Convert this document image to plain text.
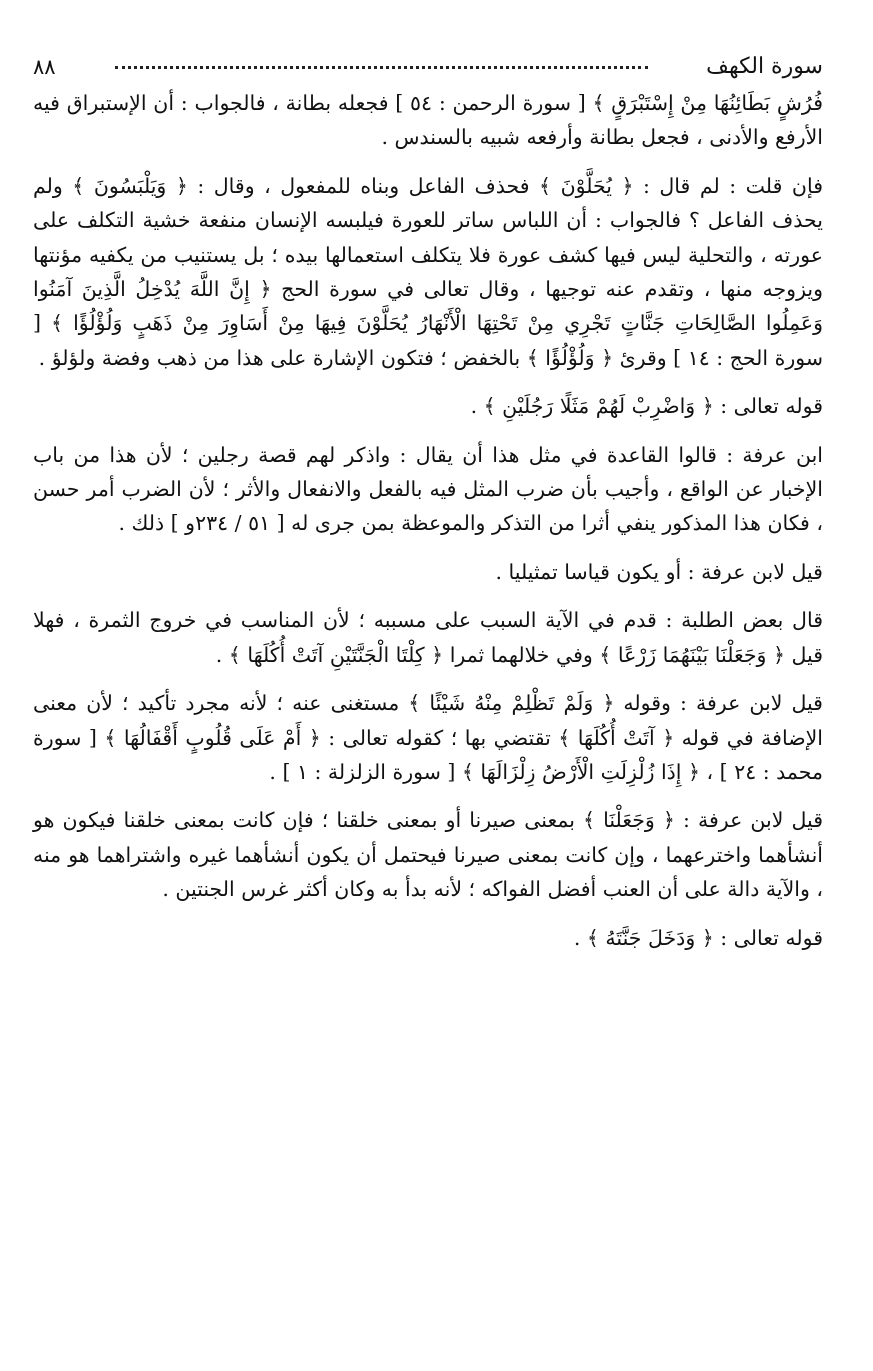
سورة الكهف
٨٨

فُرُشٍ بَطَائِنُهَا مِنْ إِسْتَبْرَقٍ ﴾ [ سورة الرحمن : ٥٤ ] فجعله بطانة ، فالجواب : أن الإستبراق فيه الأرفع والأدنى ، فجعل بطانة وأرفعه شبيه بالسندس .

فإن قلت : لم قال : ﴿ يُحَلَّوْنَ ﴾ فحذف الفاعل وبناه للمفعول ، وقال : ﴿ وَيَلْبَسُونَ ﴾ ولم يحذف الفاعل ؟ فالجواب : أن اللباس ساتر للعورة فيلبسه الإنسان منفعة خشية التكلف على عورته ، والتحلية ليس فيها كشف عورة فلا يتكلف استعمالها بيده ؛ بل يستنيب من يكفيه مؤنتها ويزوجه منها ، وتقدم عنه توجيها ، وقال تعالى في سورة الحج ﴿ إِنَّ اللَّهَ يُدْخِلُ الَّذِينَ آمَنُوا وَعَمِلُوا الصَّالِحَاتِ جَنَّاتٍ تَجْرِي مِنْ تَحْتِهَا الْأَنْهَارُ يُحَلَّوْنَ فِيهَا مِنْ أَسَاوِرَ مِنْ ذَهَبٍ وَلُؤْلُؤًا ﴾ [ سورة الحج : ١٤ ] وقرئ ﴿ وَلُؤْلُؤًا ﴾ بالخفض ؛ فتكون الإشارة على هذا من ذهب وفضة ولؤلؤ .

قوله تعالى : ﴿ وَاضْرِبْ لَهُمْ مَثَلًا رَجُلَيْنِ ﴾ .

ابن عرفة : قالوا القاعدة في مثل هذا أن يقال : واذكر لهم قصة رجلين ؛ لأن هذا من باب الإخبار عن الواقع ، وأجيب بأن ضرب المثل فيه بالفعل والانفعال والأثر ؛ لأن الضرب أمر حسن ، فكان هذا المذكور ينفي أثرا من التذكر والموعظة بمن جرى له [ ٥١ / ٢٣٤و ] ذلك .

قيل لابن عرفة : أو يكون قياسا تمثيليا .

قال بعض الطلبة : قدم في الآية السبب على مسببه ؛ لأن المناسب في خروج الثمرة ، فهلا قيل ﴿ وَجَعَلْنَا بَيْنَهُمَا زَرْعًا ﴾ وفي خلالهما ثمرا ﴿ كِلْتَا الْجَنَّتَيْنِ آتَتْ أُكُلَهَا ﴾ .

قيل لابن عرفة : وقوله ﴿ وَلَمْ تَظْلِمْ مِنْهُ شَيْئًا ﴾ مستغنى عنه ؛ لأنه مجرد تأكيد ؛ لأن معنى الإضافة في قوله ﴿ آتَتْ أُكُلَهَا ﴾ تقتضي بها ؛ كقوله تعالى : ﴿ أَمْ عَلَى قُلُوبٍ أَقْفَالُهَا ﴾ [ سورة محمد : ٢٤ ] ، ﴿ إِذَا زُلْزِلَتِ الْأَرْضُ زِلْزَالَهَا ﴾ [ سورة الزلزلة : ١ ] .

قيل لابن عرفة : ﴿ وَجَعَلْنَا ﴾ بمعنى صيرنا أو بمعنى خلقنا ؛ فإن كانت بمعنى خلقنا فيكون هو أنشأهما واخترعهما ، وإن كانت بمعنى صيرنا فيحتمل أن يكون أنشأهما غيره واشتراهما هو منه ، والآية دالة على أن العنب أفضل الفواكه ؛ لأنه بدأ به وكان أكثر غرس الجنتين .

قوله تعالى : ﴿ وَدَخَلَ جَنَّتَهُ ﴾ .
